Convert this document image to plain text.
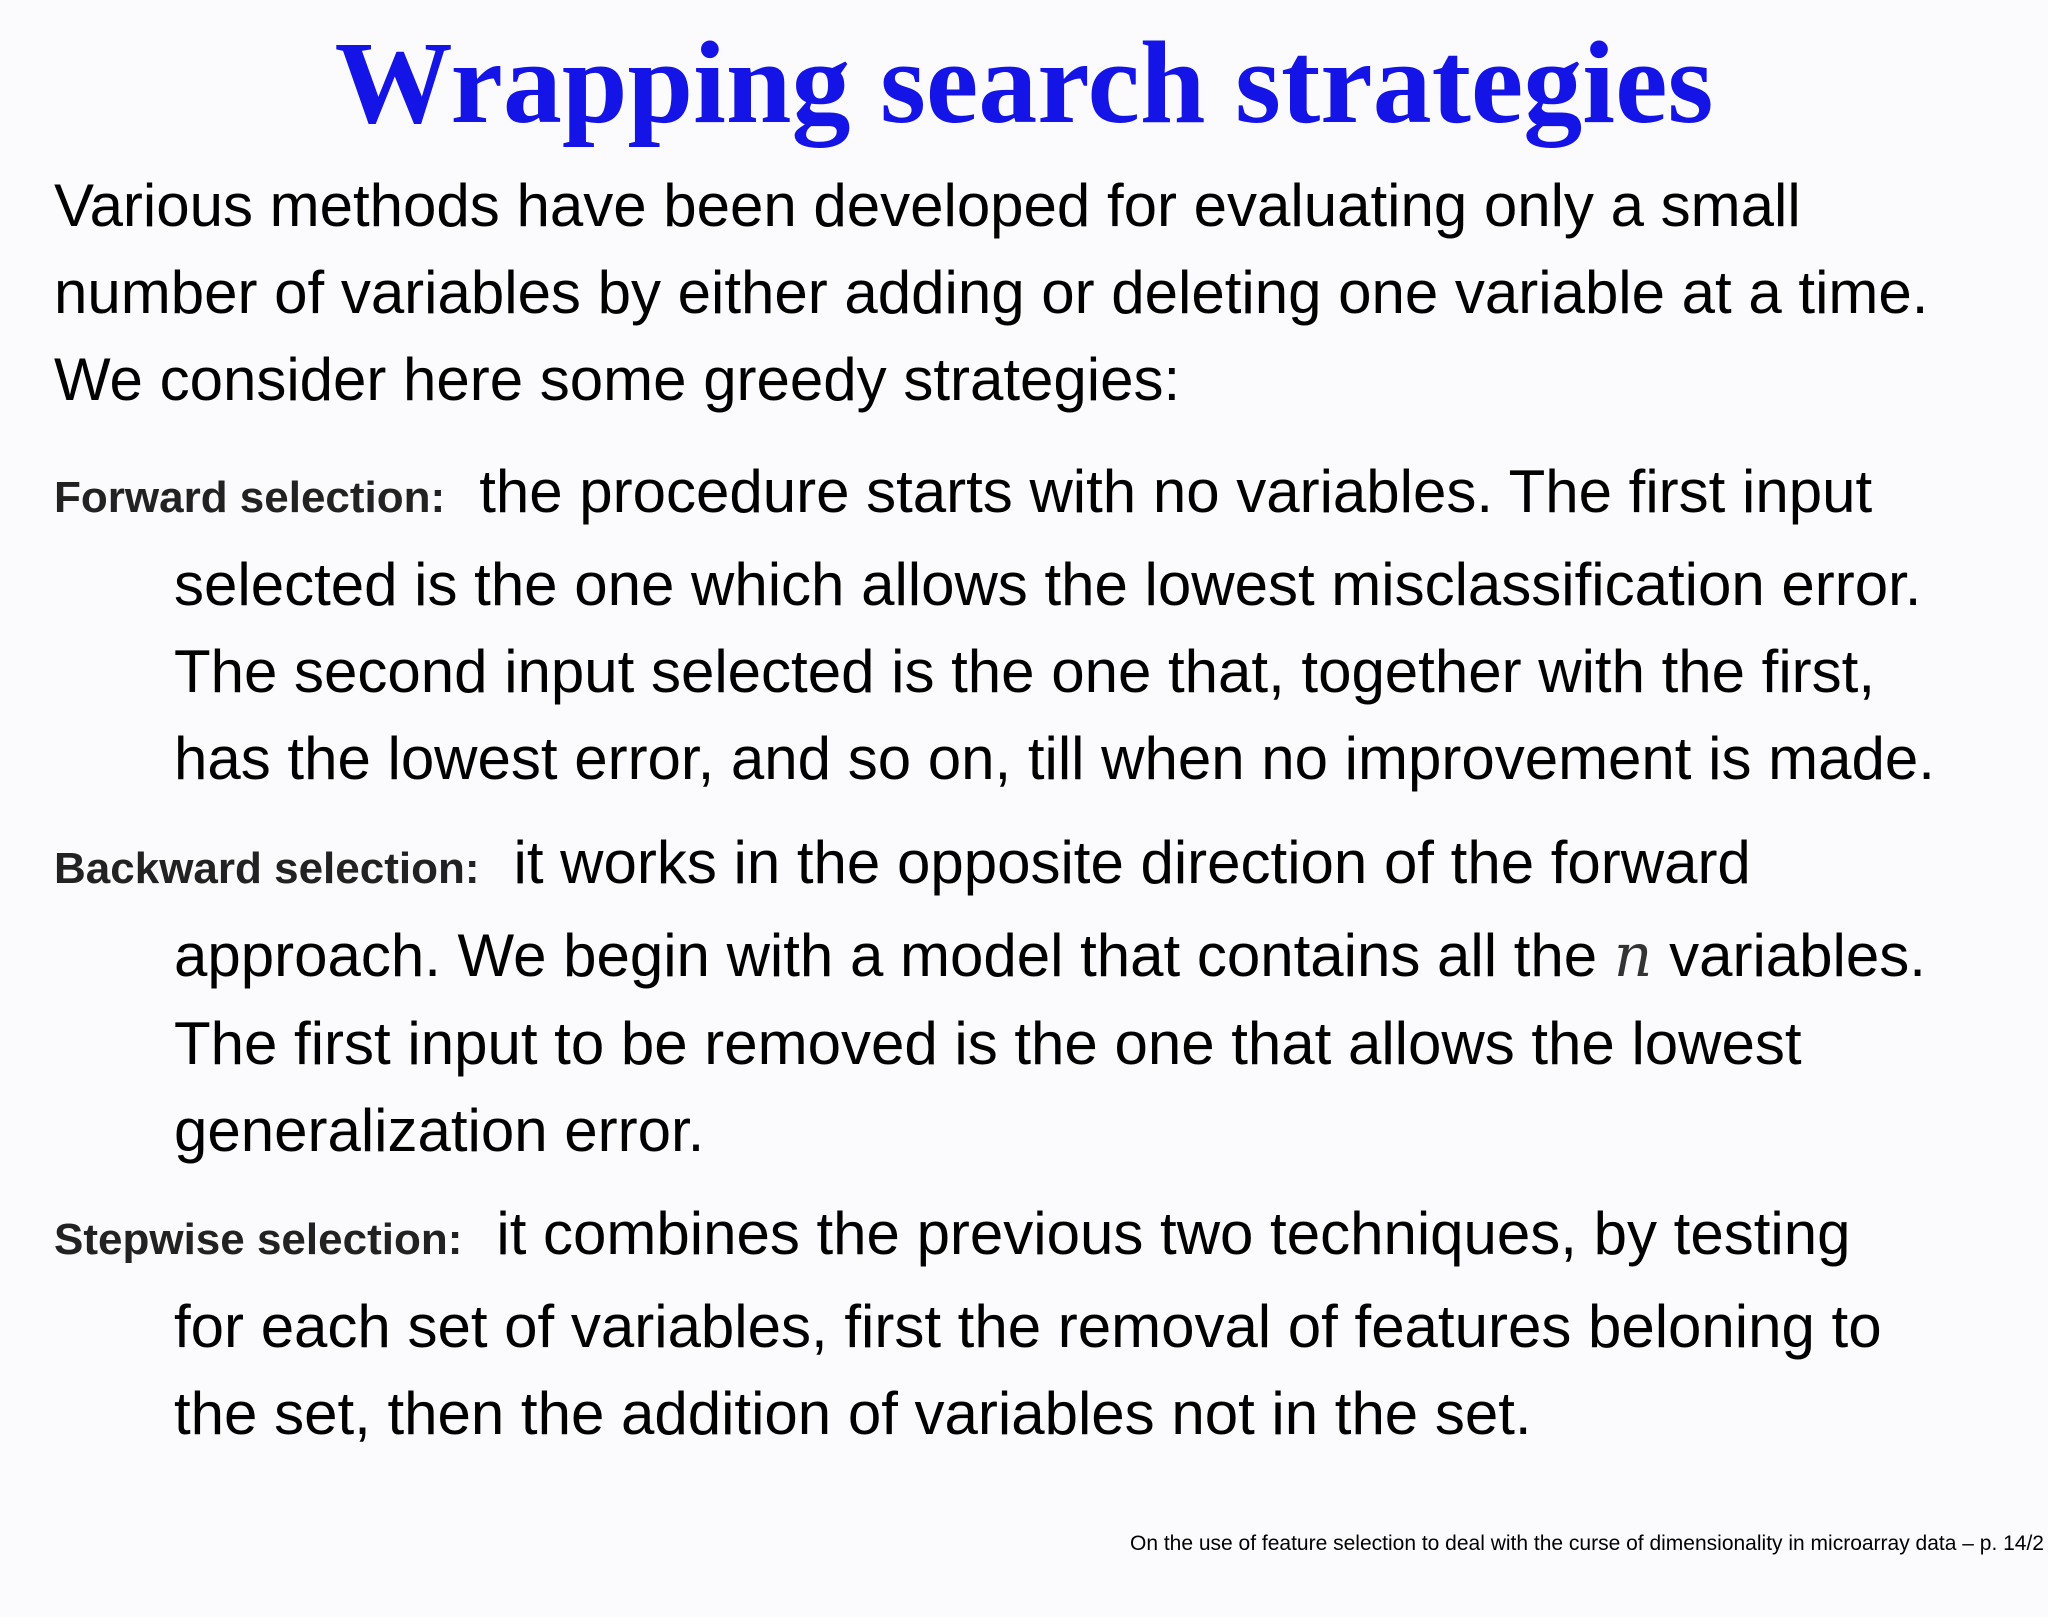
Wrapping search strategies
Various methods have been developed for evaluating only a small
number of variables by either adding or deleting one variable at a time.
We consider here some greedy strategies:
Forward selection: the procedure starts with no variables. The first input
selected is the one which allows the lowest misclassification error.
The second input selected is the one that, together with the first,
has the lowest error, and so on, till when no improvement is made.
Backward selection: it works in the opposite direction of the forward
approach. We begin with a model that contains all the n variables.
The first input to be removed is the one that allows the lowest
generalization error.
Stepwise selection: it combines the previous two techniques, by testing
for each set of variables, first the removal of features beloning to
the set, then the addition of variables not in the set.
On the use of feature selection to deal with the curse of dimensionality in microarray data – p. 14/2
